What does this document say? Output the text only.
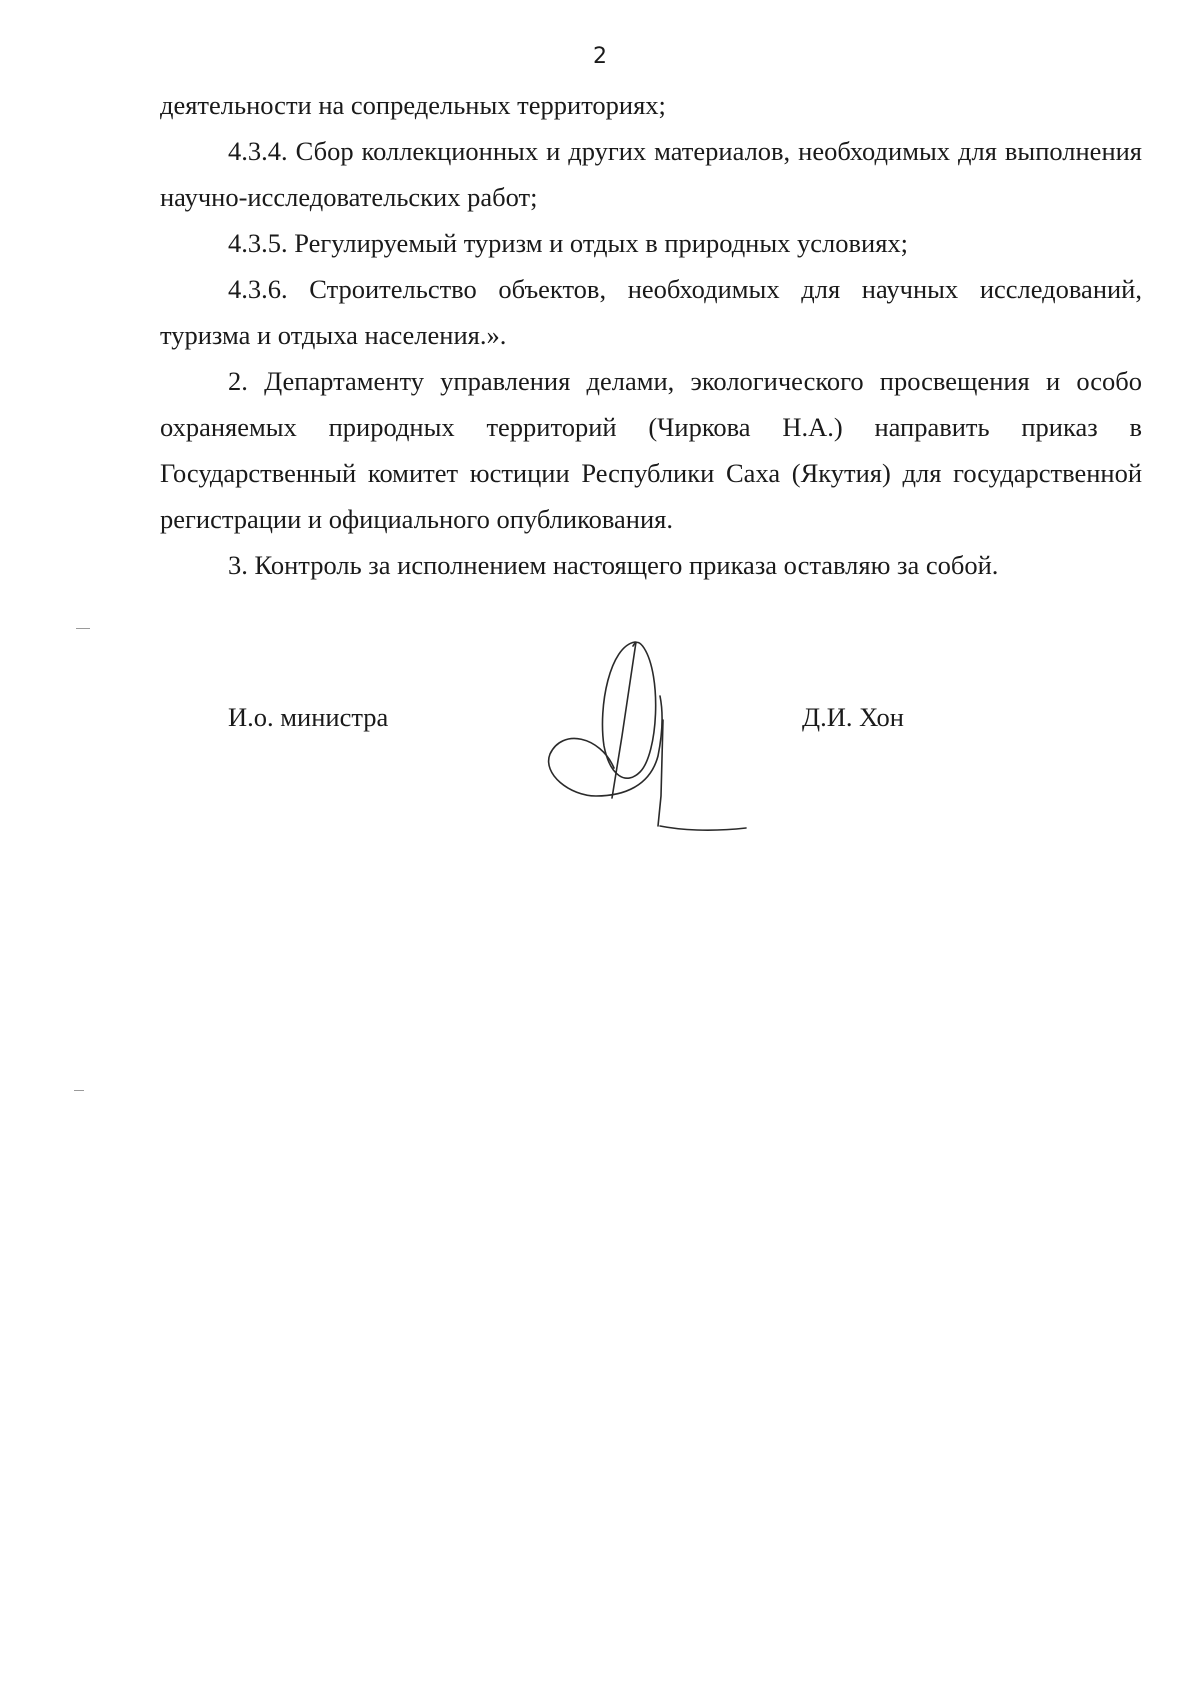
2

деятельности на сопредельных территориях;

4.3.4. Сбор коллекционных и других материалов, необходимых для выполнения научно-исследовательских работ;

4.3.5. Регулируемый туризм и отдых в природных условиях;

4.3.6. Строительство объектов, необходимых для научных исследований, туризма и отдыха населения.».

2. Департаменту управления делами, экологического просвещения и особо охраняемых природных территорий (Чиркова Н.А.) направить приказ в Государственный комитет юстиции Республики Саха (Якутия) для государственной регистрации и официального опубликования.

3. Контроль за исполнением настоящего приказа оставляю за собой.

И.о. министра	Д.И. Хон
